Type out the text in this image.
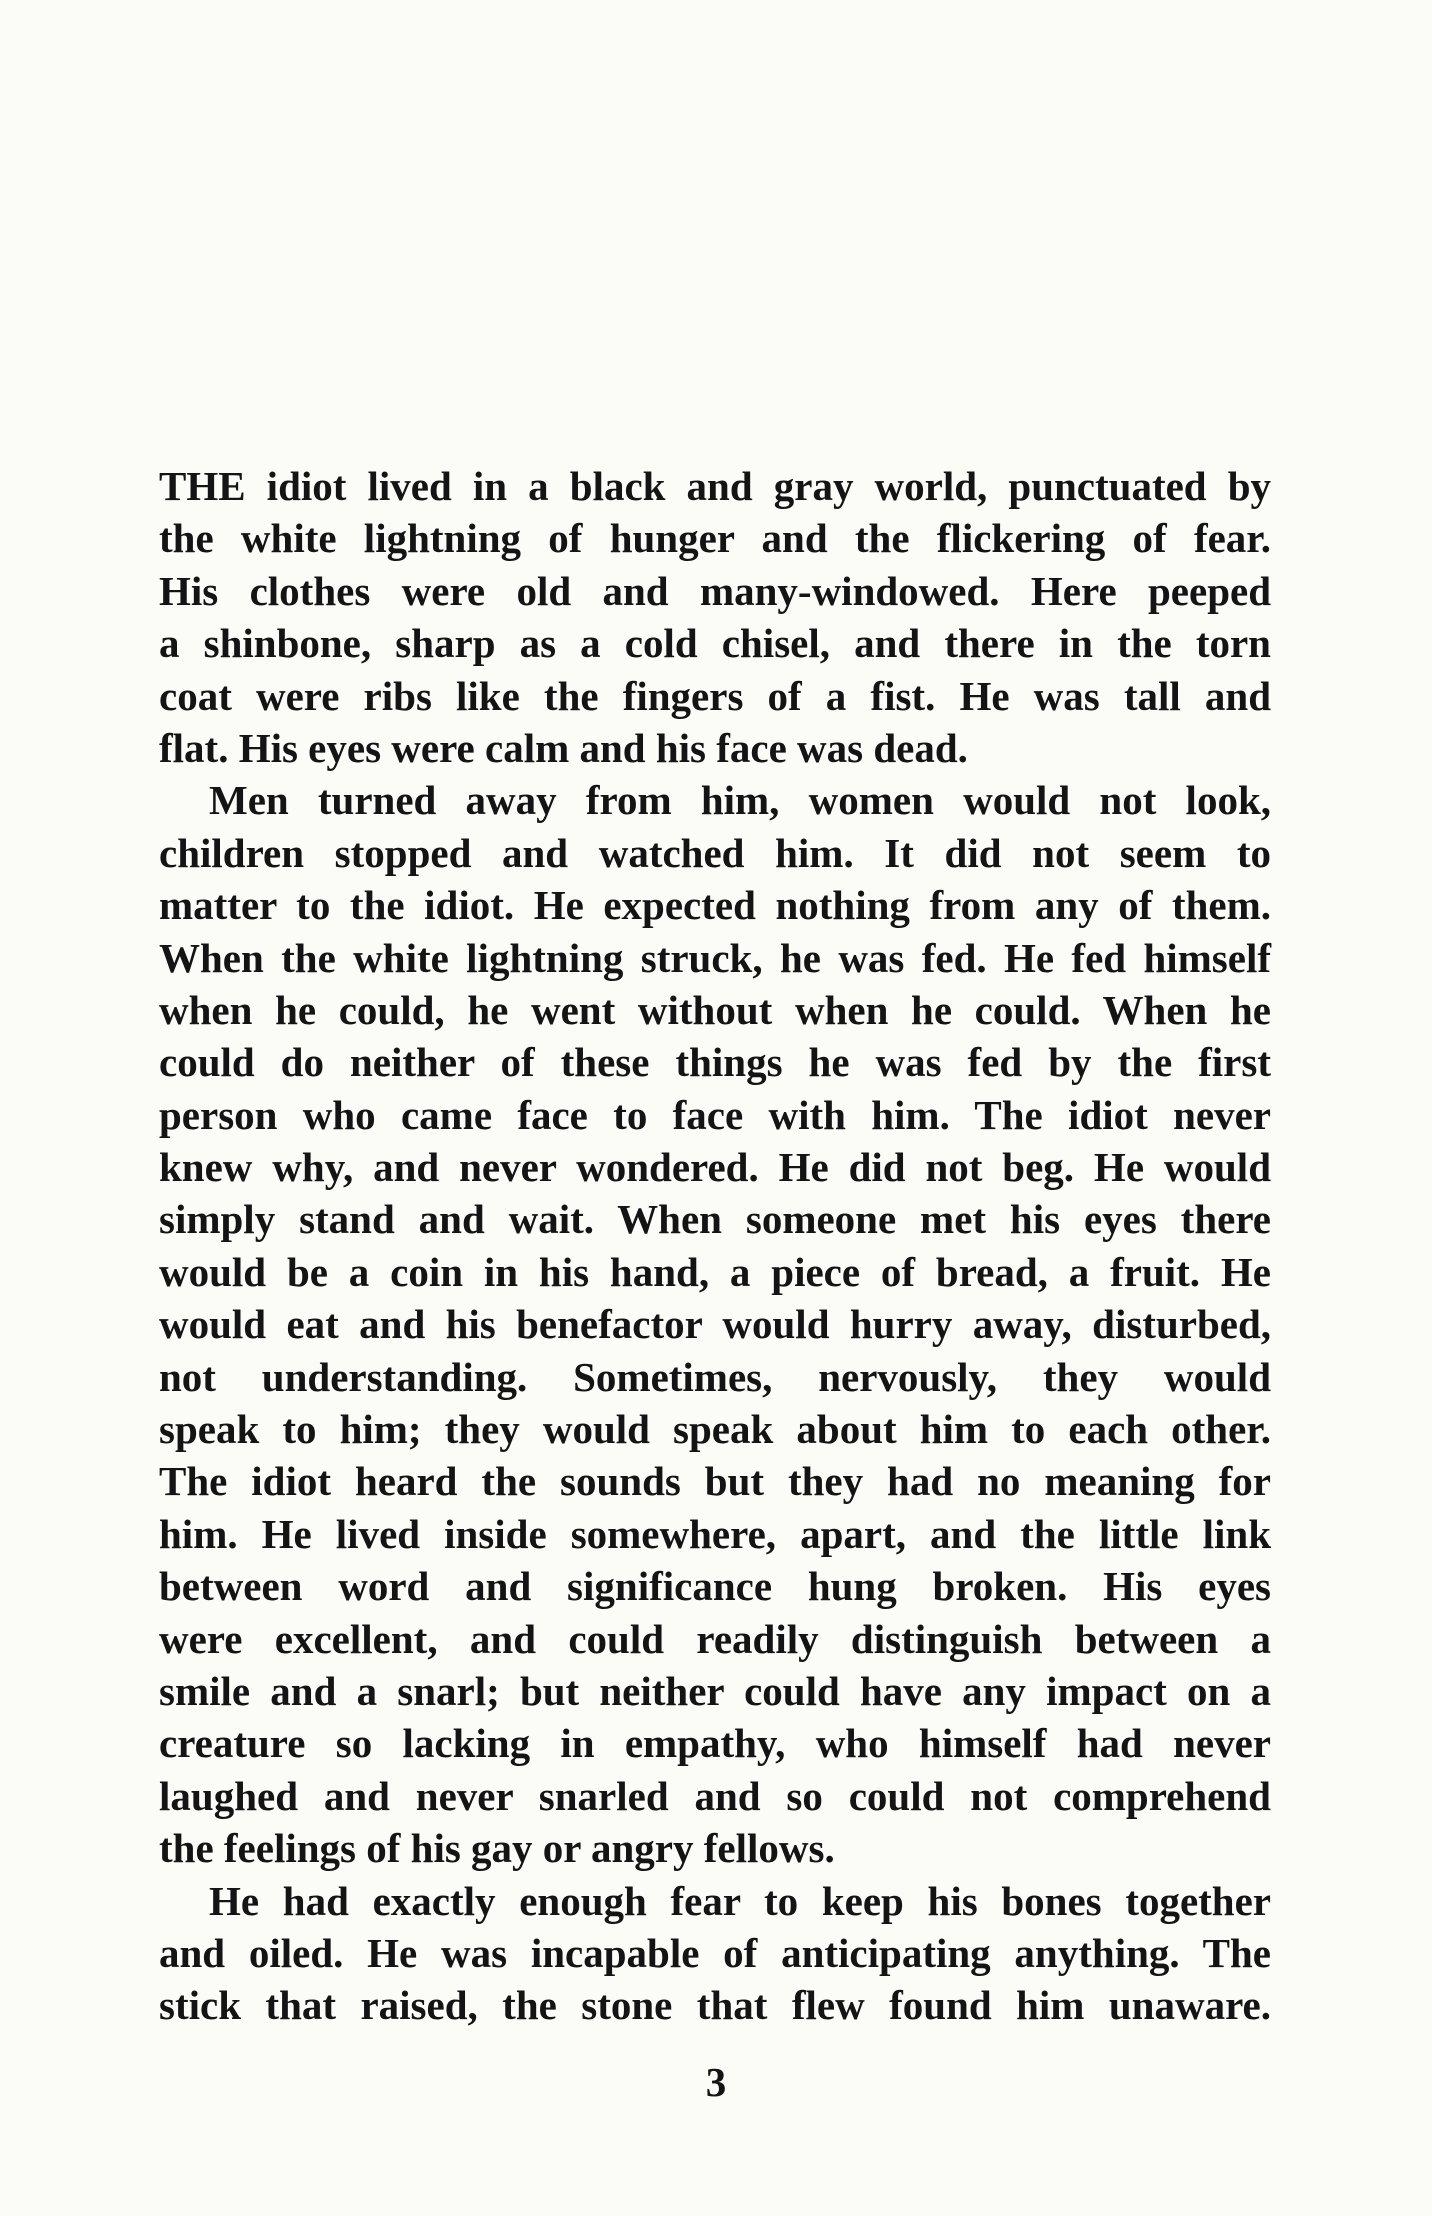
THE idiot lived in a black and gray world, punctuated by
the white lightning of hunger and the flickering of fear.
His clothes were old and many-windowed. Here peeped
a shinbone, sharp as a cold chisel, and there in the torn
coat were ribs like the fingers of a fist. He was tall and
flat. His eyes were calm and his face was dead.
Men turned away from him, women would not look,
children stopped and watched him. It did not seem to
matter to the idiot. He expected nothing from any of them.
When the white lightning struck, he was fed. He fed himself
when he could, he went without when he could. When he
could do neither of these things he was fed by the first
person who came face to face with him. The idiot never
knew why, and never wondered. He did not beg. He would
simply stand and wait. When someone met his eyes there
would be a coin in his hand, a piece of bread, a fruit. He
would eat and his benefactor would hurry away, disturbed,
not understanding. Sometimes, nervously, they would
speak to him; they would speak about him to each other.
The idiot heard the sounds but they had no meaning for
him. He lived inside somewhere, apart, and the little link
between word and significance hung broken. His eyes
were excellent, and could readily distinguish between a
smile and a snarl; but neither could have any impact on a
creature so lacking in empathy, who himself had never
laughed and never snarled and so could not comprehend
the feelings of his gay or angry fellows.
He had exactly enough fear to keep his bones together
and oiled. He was incapable of anticipating anything. The
stick that raised, the stone that flew found him unaware.
3
